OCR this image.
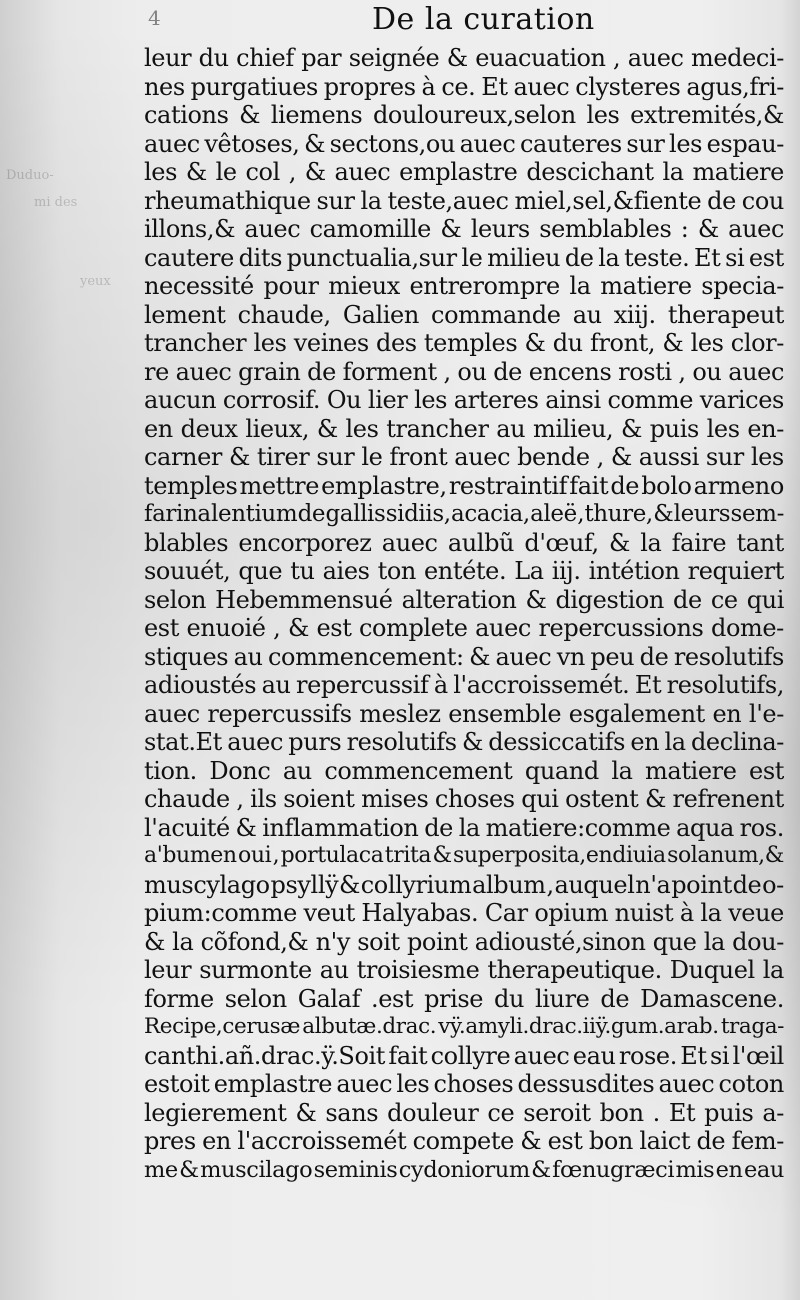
Duduo-
mi des
yeux
4	De la curation
leur du chief par seignée & euacuation , auec medeci-
nes purgatiues propres à ce. Et auec clysteres agus,fri-
cations & liemens douloureux,selon les extremités,&
auec vêtoses, & sectons,ou auec cauteres sur les espau-
les & le col , & auec emplastre descichant la matiere
rheumathique sur la teste,auec miel,sel,&fiente de cou
illons,& auec camomille & leurs semblables : & auec
cautere dits punctualia,sur le milieu de la teste. Et si est
necessité pour mieux entrerompre la matiere specia-
lement chaude, Galien commande au xiij. therapeut
trancher les veines des temples & du front, & les clor-
re auec grain de forment , ou de encens rosti , ou auec
aucun corrosif. Ou lier les arteres ainsi comme varices
en deux lieux, & les trancher au milieu, & puis les en-
carner & tirer sur le front auec bende , & aussi sur les
temples mettre emplastre, restraintif fait de bolo armeno
farina lentium de gallis sidiis, acacia, aleë , thure, & leurs sem-
blables encorporez auec aulbũ d'œuf, & la faire tant
souuét, que tu aies ton entéte. La iij. intétion requiert
selon Hebemmensué alteration & digestion de ce qui
est enuoié , & est complete auec repercussions dome-
stiques au commencement: & auec vn peu de resolutifs
adioustés au repercussif à l'accroissemét. Et resolutifs,
auec repercussifs meslez ensemble esgalement en l'e-
stat.Et auec purs resolutifs & dessiccatifs en la declina-
tion. Donc au commencement quand la matiere est
chaude , ils soient mises choses qui ostent & refrenent
l'acuité & inflammation de la matiere:comme aqua ros.
a'bumen oui , portulaca trita & superposita,endiuia solanum,&
muscylago psyllÿ & collyrium album , auquel n'a point de o-
pium:comme veut Halyabas. Car opium nuist à la veue
& la cõfond,& n'y soit point adiousté,sinon que la dou-
leur surmonte au troisiesme therapeutique. Duquel la
forme selon Galaf .est prise du liure de Damascene.
Recipe,cerusæ albutæ.drac. vÿ.amyli.drac.iiÿ.gum.arab. traga-
canthi.añ.drac.ÿ.Soit fait collyre auec eau rose. Et si l'œil
estoit emplastre auec les choses dessusdites auec coton
legierement & sans douleur ce seroit bon . Et puis a-
pres en l'accroissemét compete & est bon laict de fem-
me & muscilago seminis cydoniorum & fœnugræci mis en eau
